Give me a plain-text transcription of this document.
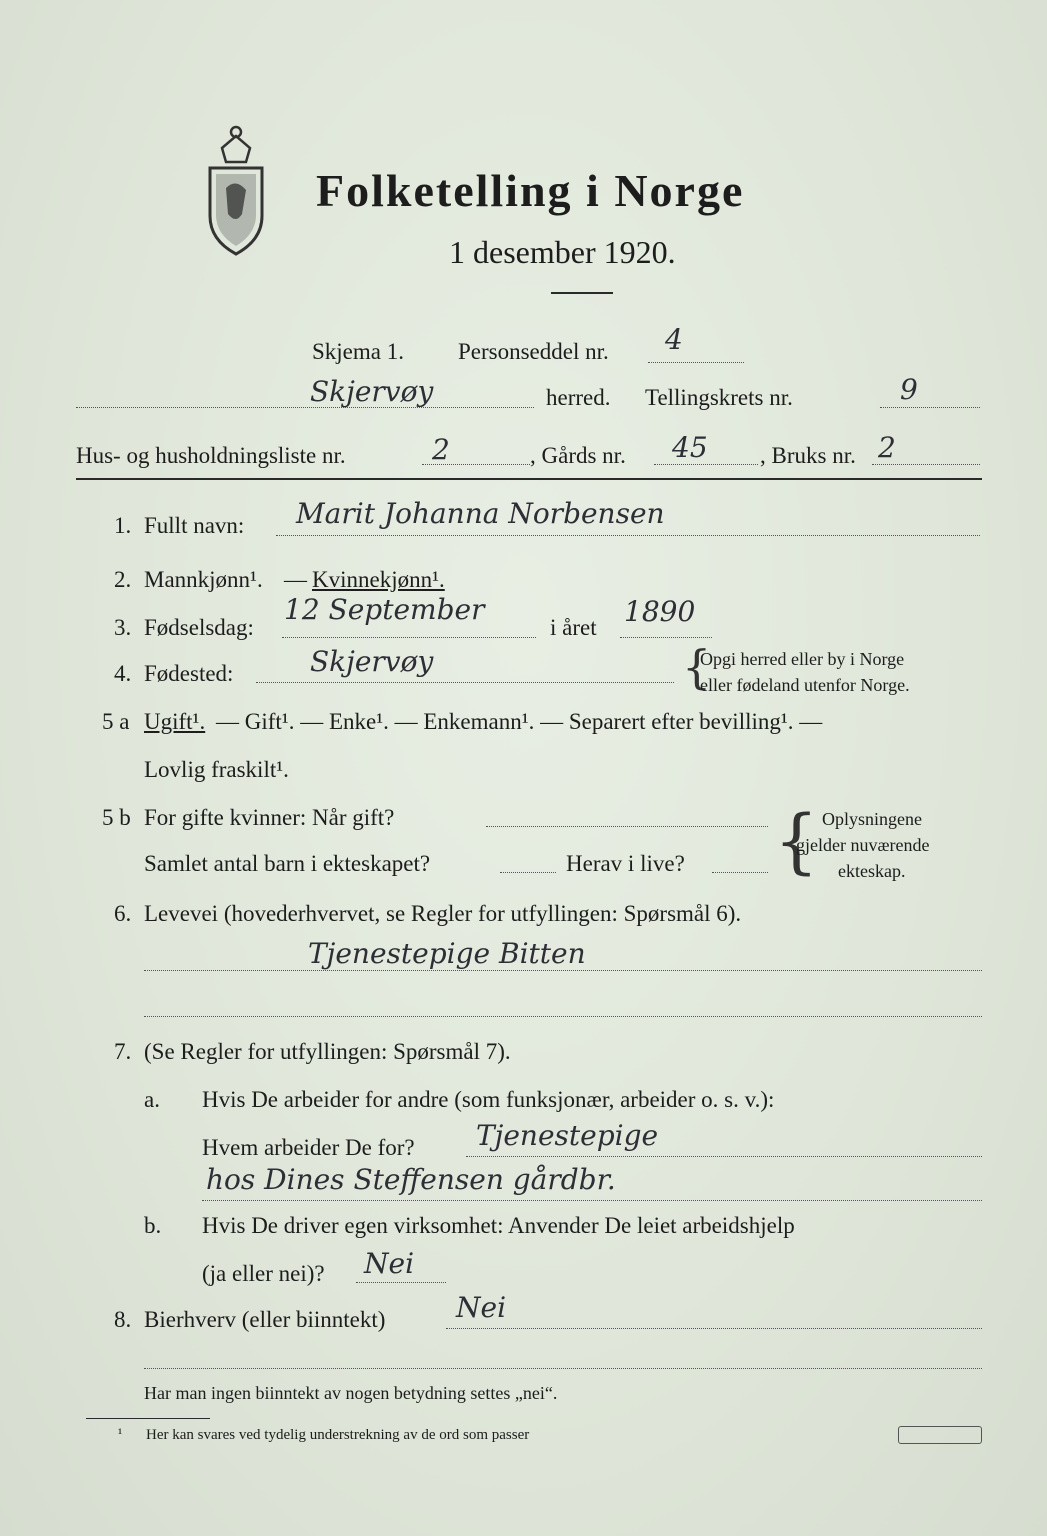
Folketelling i Norge
1 desember 1920.
Skjema 1. Personseddel nr. 4
Skjervøy	herred. Tellingskrets nr.	9
Hus- og husholdningsliste nr.	2	, Gårds nr. 45 , Bruks nr. 2
1. Fullt navn: Marit Johanna Norbensen
2. Mannkjønn¹. — Kvinnekjønn¹.
3. Fødselsdag:
12 September
i året 1890
4. Fødested:	Skjervøy	{
Opgi herred eller by i Norge
eller fødeland utenfor Norge.
5 a Ugift¹. — Gift¹. — Enke¹. — Enkemann¹. — Separert efter bevilling¹. —
Lovlig fraskilt¹.
5 b For gifte kvinner: Når gift?
Samlet antal barn i ekteskapet?	Herav i live? { Oplysningene
gjelder nuværende
ekteskap.
6. Levevei (hovederhvervet, se Regler for utfyllingen: Spørsmål 6).
Tjenestepige Bitten
7. (Se Regler for utfyllingen: Spørsmål 7).
a. Hvis De arbeider for andre (som funksjonær, arbeider o. s. v.):
Hvem arbeider De for? Tjenestepige
hos Dines Steffensen gårdbr.
b. Hvis De driver egen virksomhet: Anvender De leiet arbeidshjelp
(ja eller nei)? Nei
8. Bierhverv (eller biinntekt)	Nei
Har man ingen biinntekt av nogen betydning settes „nei“.
¹ Her kan svares ved tydelig understrekning av de ord som passer
